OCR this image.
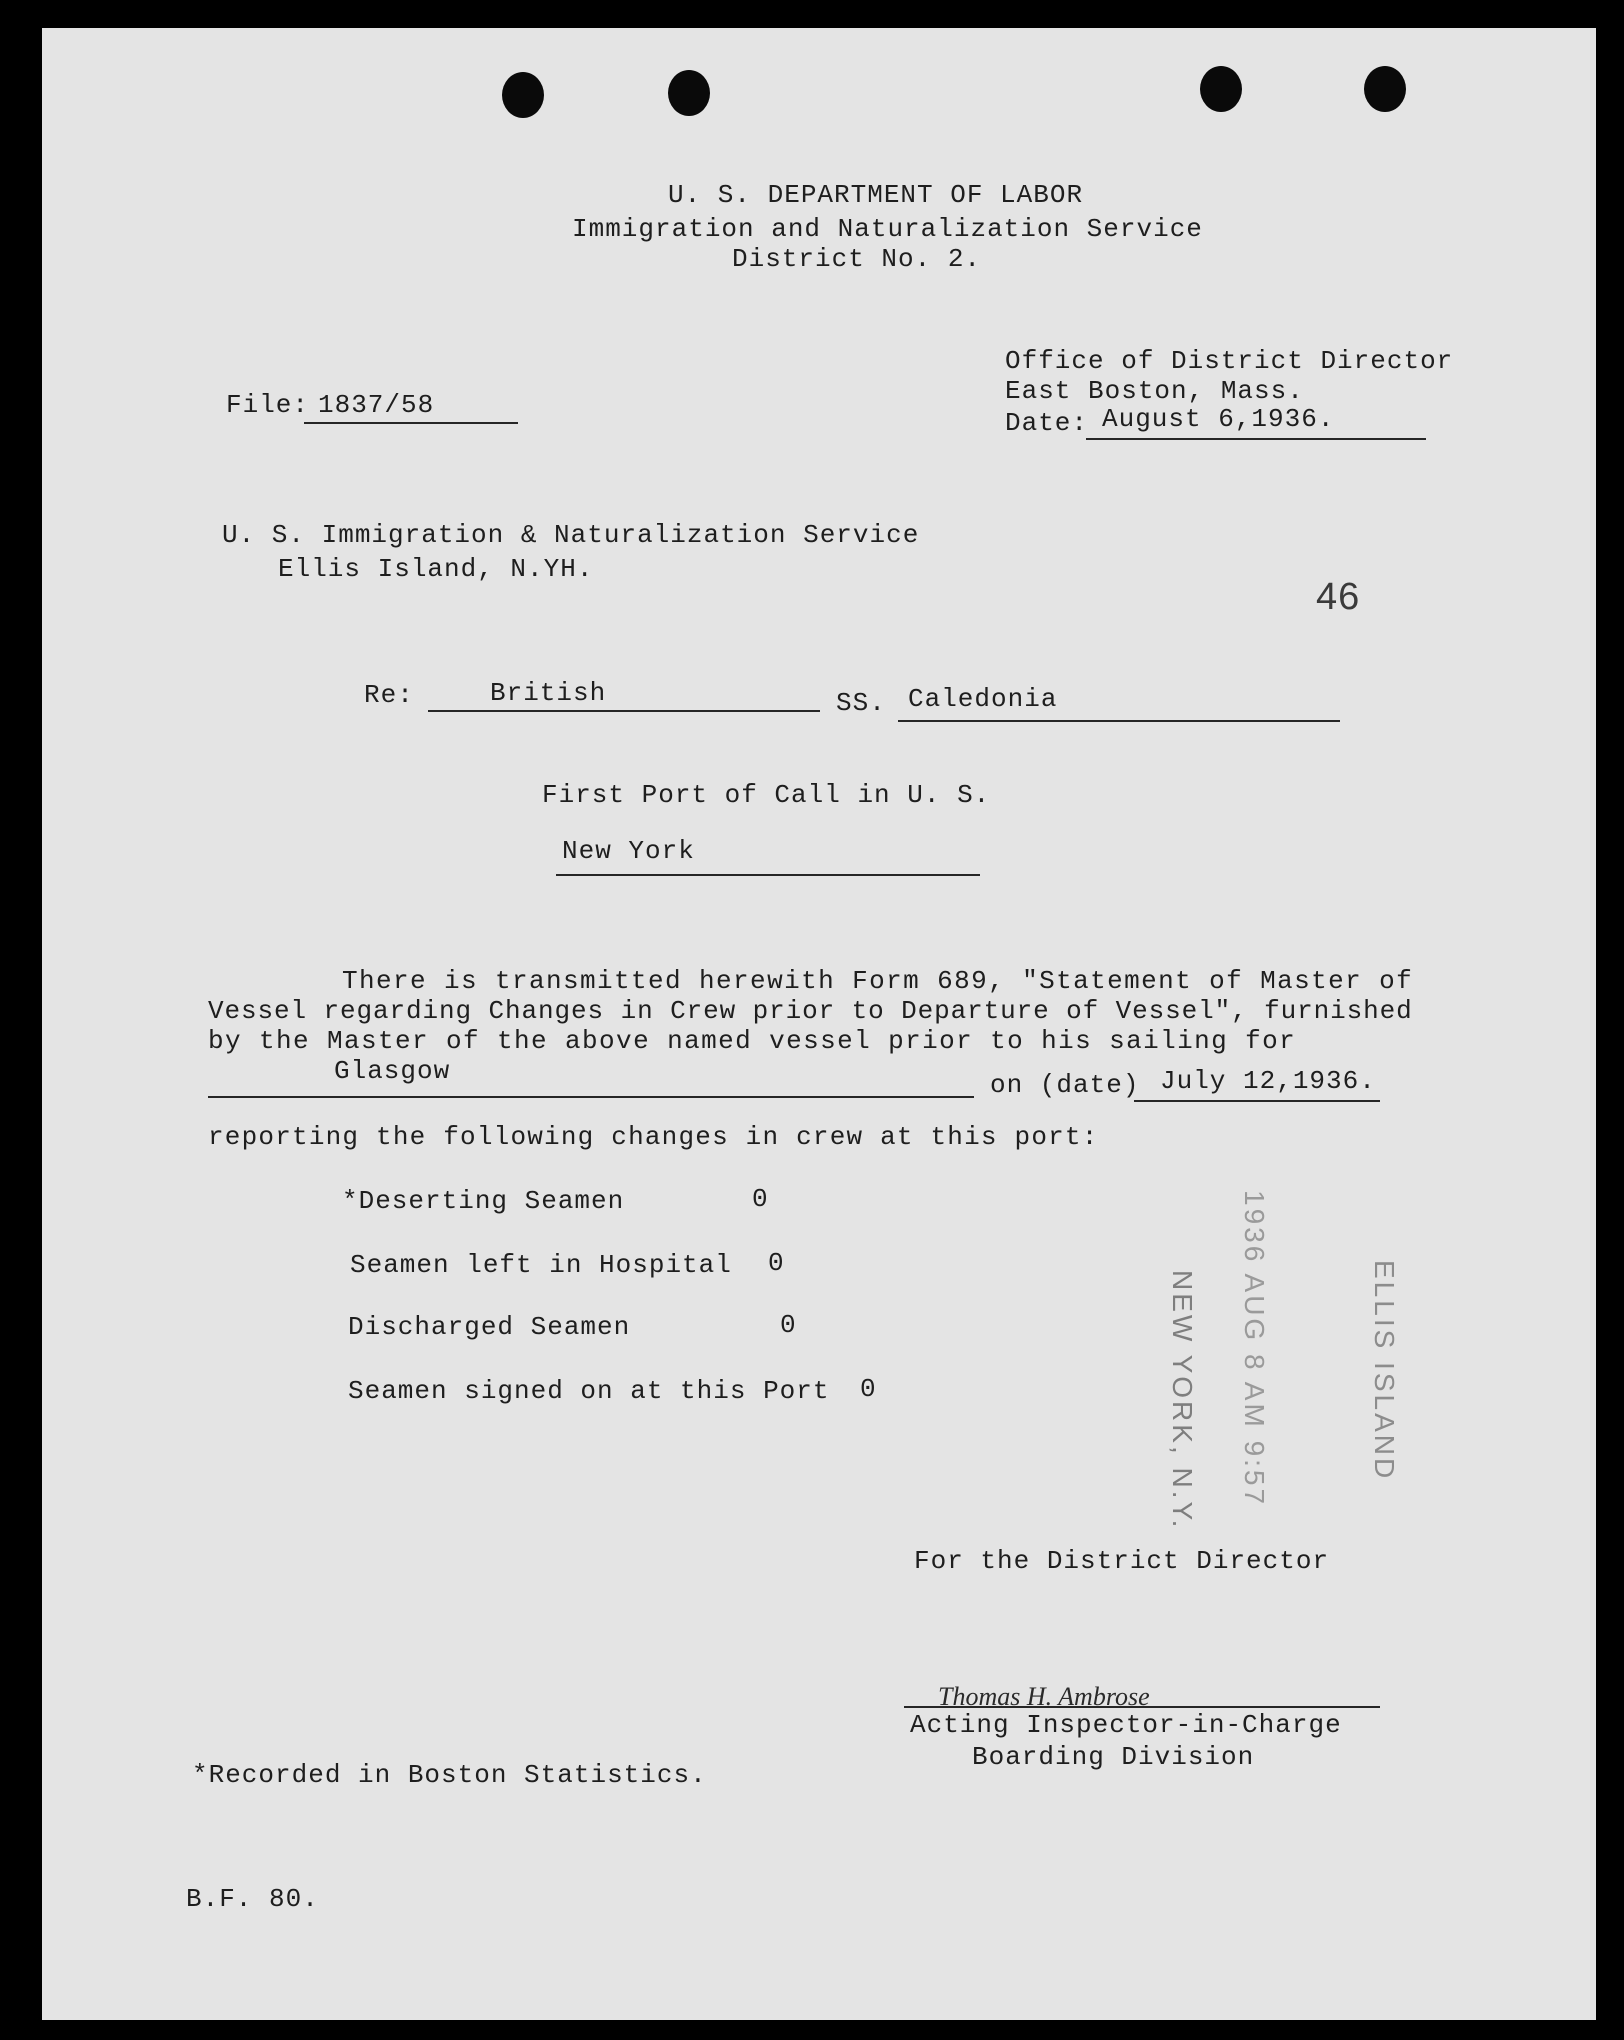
U. S. DEPARTMENT OF LABOR
Immigration and Naturalization Service
District No. 2.
Office of District Director
East Boston, Mass.
Date: August 6,1936.
File: 1837/58
U. S. Immigration & Naturalization Service
Ellis Island, N.YH.
46
Re:	British	SS. Caledonia
First Port of Call in U. S.
New York
There is transmitted herewith Form 689, "Statement of Master of
Vessel regarding Changes in Crew prior to Departure of Vessel", furnished
by the Master of the above named vessel prior to his sailing for
Glasgow	on (date) July 12,1936.
reporting the following changes in crew at this port:
*Deserting Seamen	0
Seamen left in Hospital 0
Discharged Seamen	0
Seamen signed on at this Port 0	ELLIS ISLAND
1936 AUG 8 AM 9:57
NEW YORK, N.Y.
For the District Director
Thomas H. Ambrose
Acting Inspector-in-Charge
Boarding Division
*Recorded in Boston Statistics.
B.F. 80.
